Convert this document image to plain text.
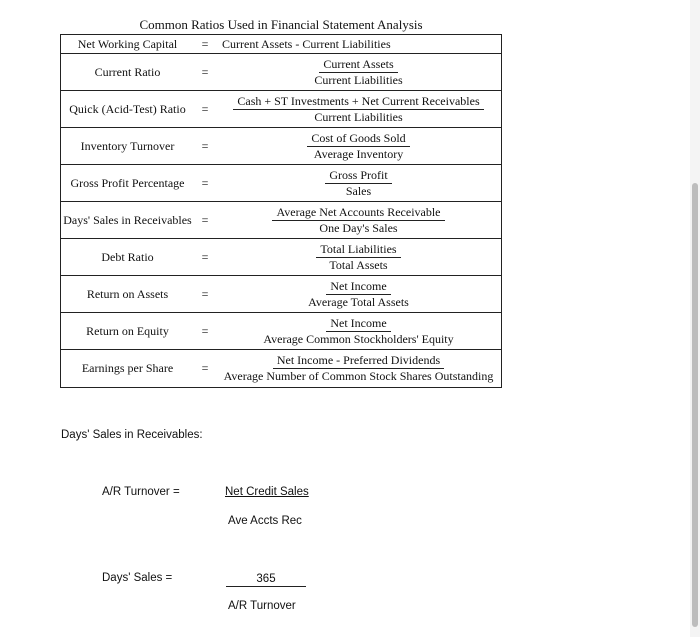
Common Ratios Used in Financial Statement Analysis
Net Working Capital	=	Current Assets - Current Liabilities
Current Ratio	= $\frac{\text{Current Assets}}{\text{Current Liabilities}}$
Quick (Acid-Test) Ratio	= $\frac{\text{Cash + ST Investments + Net Current Receivables}}{\text{Current Liabilities}}$
Inventory Turnover	= $\frac{\text{Cost of Goods Sold}}{\text{Average Inventory}}$
Gross Profit Percentage	= $\frac{\text{Gross Profit}}{\text{Sales}}$
Days' Sales in Receivables = $\frac{\text{Average Net Accounts Receivable}}{\text{One Day's Sales}}$
Debt Ratio	= $\frac{\text{Total Liabilities}}{\text{Total Assets}}$
Return on Assets	= $\frac{\text{Net Income}}{\text{Average Total Assets}}$
Return on Equity	= $\frac{\text{Net Income}}{\text{Average Common Stockholders' Equity}}$
Earnings per Share	= $\frac{\text{Net Income - Preferred Dividends}}{\text{Average Number of Common Stock Shares Outstanding}}$
Days' Sales in Receivables:
A/R Turnover =	Net Credit Sales
Ave Accts Rec
Days' Sales =	365
A/R Turnover
